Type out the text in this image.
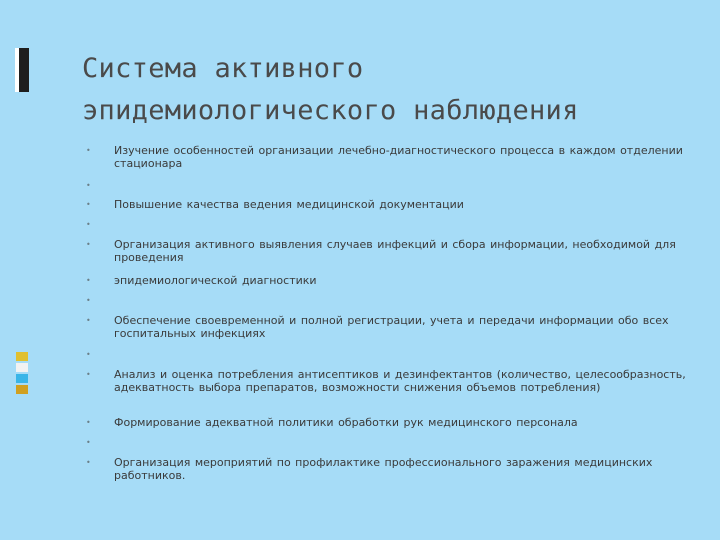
Система активного
эпидемиологического наблюдения
•	Изучение особенностей организации лечебно-диагностического процесса в каждом отделении стационара
•
•	Повышение качества ведения медицинской документации
•
•	Организация активного выявления случаев инфекций и сбора информации, необходимой для проведения
•	эпидемиологической диагностики
•
•	Обеспечение своевременной и полной регистрации, учета и передачи информации обо всех госпитальных инфекциях
•
•	Анализ и оценка потребления антисептиков и дезинфектантов (количество, целесообразность, адекватность выбора препаратов, возможности снижения объемов потребления)
•	Формирование адекватной политики обработки рук медицинского персонала
•
•	Организация мероприятий по профилактике профессионального заражения медицинских работников.
